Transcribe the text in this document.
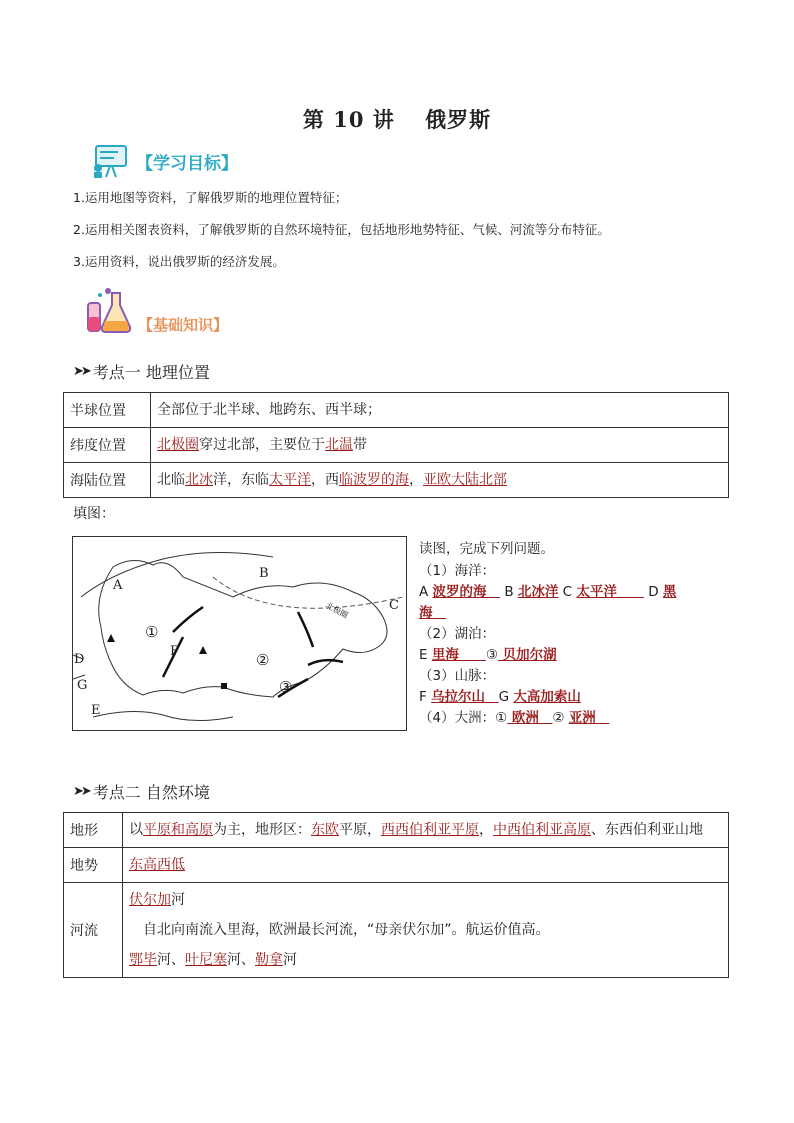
第 10 讲　 俄罗斯
【学习目标】
1.运用地图等资料，了解俄罗斯的地理位置特征；
2.运用相关图表资料，了解俄罗斯的自然环境特征，包括地形地势特征、气候、河流等分布特征。
3.运用资料，说出俄罗斯的经济发展。
【基础知识】
➤➤ 考点一 地理位置
半球位置	全部位于北半球、地跨东、西半球；
纬度位置	北极圈穿过北部，主要位于北温带
海陆位置	北临北冰洋，东临太平洋，西临波罗的海，亚欧大陆北部
填图：
A
B
C
D
E
F
G
①
②
③
北极圈
读图，完成下列问题。
（1）海洋：
A 波罗的海　 B 北冰洋 C 太平洋　　 D 黑
海　
（2）湖泊：
E 里海　　③ 贝加尔湖
（3）山脉：
F 乌拉尔山　G 大高加索山
（4）大洲：① 欧洲　② 亚洲　
➤➤ 考点二 自然环境
地形	以平原和高原为主，地形区：东欧平原，西西伯利亚平原，中西伯利亚高原、东西伯利亚山地
地势	东高西低
河流	伏尔加河
　自北向南流入里海，欧洲最长河流，“母亲伏尔加”。航运价值高。
鄂毕河、叶尼塞河、勒拿河
